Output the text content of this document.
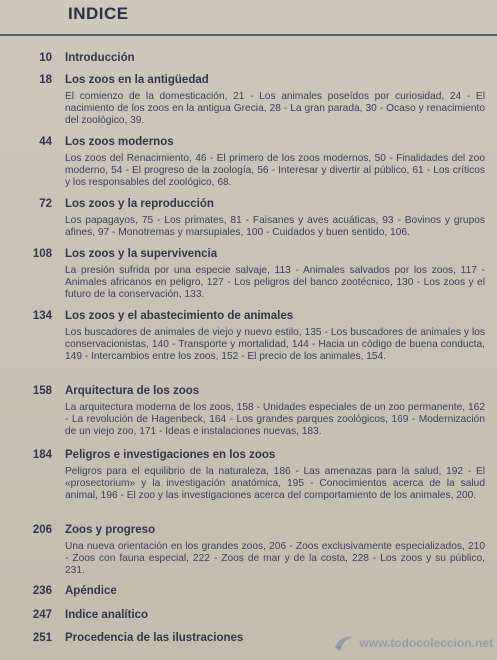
INDICE
10 Introducción
18 Los zoos en la antigüedad
El comienzo de la domesticación, 21 - Los animales poseídos por curiosidad, 24 - El nacimiento de los zoos en la antigua Grecia, 28 - La gran parada, 30 - Ocaso y renacimiento del zoológico, 39.
44 Los zoos modernos
Los zoos del Renacimiento, 46 - El primero de los zoos modernos, 50 - Finalidades del zoo moderno, 54 - El progreso de la zoología, 56 - Interesar y divertir al público, 61 - Los críticos y los responsables del zoológico, 68.
72 Los zoos y la reproducción
Los papagayos, 75 - Los primates, 81 - Faisanes y aves acuáticas, 93 - Bovinos y grupos afines, 97 - Monotremas y marsupiales, 100 - Cuidados y buen sentido, 106.
108 Los zoos y la supervivencia
La presión sufrida por una especie salvaje, 113 - Animales salvados por los zoos, 117 - Animales africanos en peligro, 127 - Los peligros del banco zootécnico, 130 - Los zoos y el futuro de la conservación, 133.
134 Los zoos y el abastecimiento de animales
Los buscadores de animales de viejo y nuevo estilo, 135 - Los buscadores de animales y los conservacionistas, 140 - Transporte y mortalidad, 144 - Hacia un código de buena conducta, 149 - Intercambios entre los zoos, 152 - El precio de los animales, 154.
158 Arquitectura de los zoos
La arquitectura moderna de los zoos, 158 - Unidades especiales de un zoo permanente, 162 - La revolución de Hagenbeck, 164 - Los grandes parques zoológicos, 169 - Modernización de un viejo zoo, 171 - Ideas e instalaciones nuevas, 183.
184 Peligros e investigaciones en los zoos
Peligros para el equilibrio de la naturaleza, 186 - Las amenazas para la salud, 192 - El «prosectorium» y la investigación anatómica, 195 - Conocimientos acerca de la salud animal, 196 - El zoo y las investigaciones acerca del comportamiento de los animales, 200.
206 Zoos y progreso
Una nueva orientación en los grandes zoos, 206 - Zoos exclusivamente especializados, 210 - Zoos con fauna especial, 222 - Zoos de mar y de la costa, 228 - Los zoos y su público, 231.
236 Apéndice
247 Indice analítico
251 Procedencia de las ilustraciones	www.todocoleccion.net
